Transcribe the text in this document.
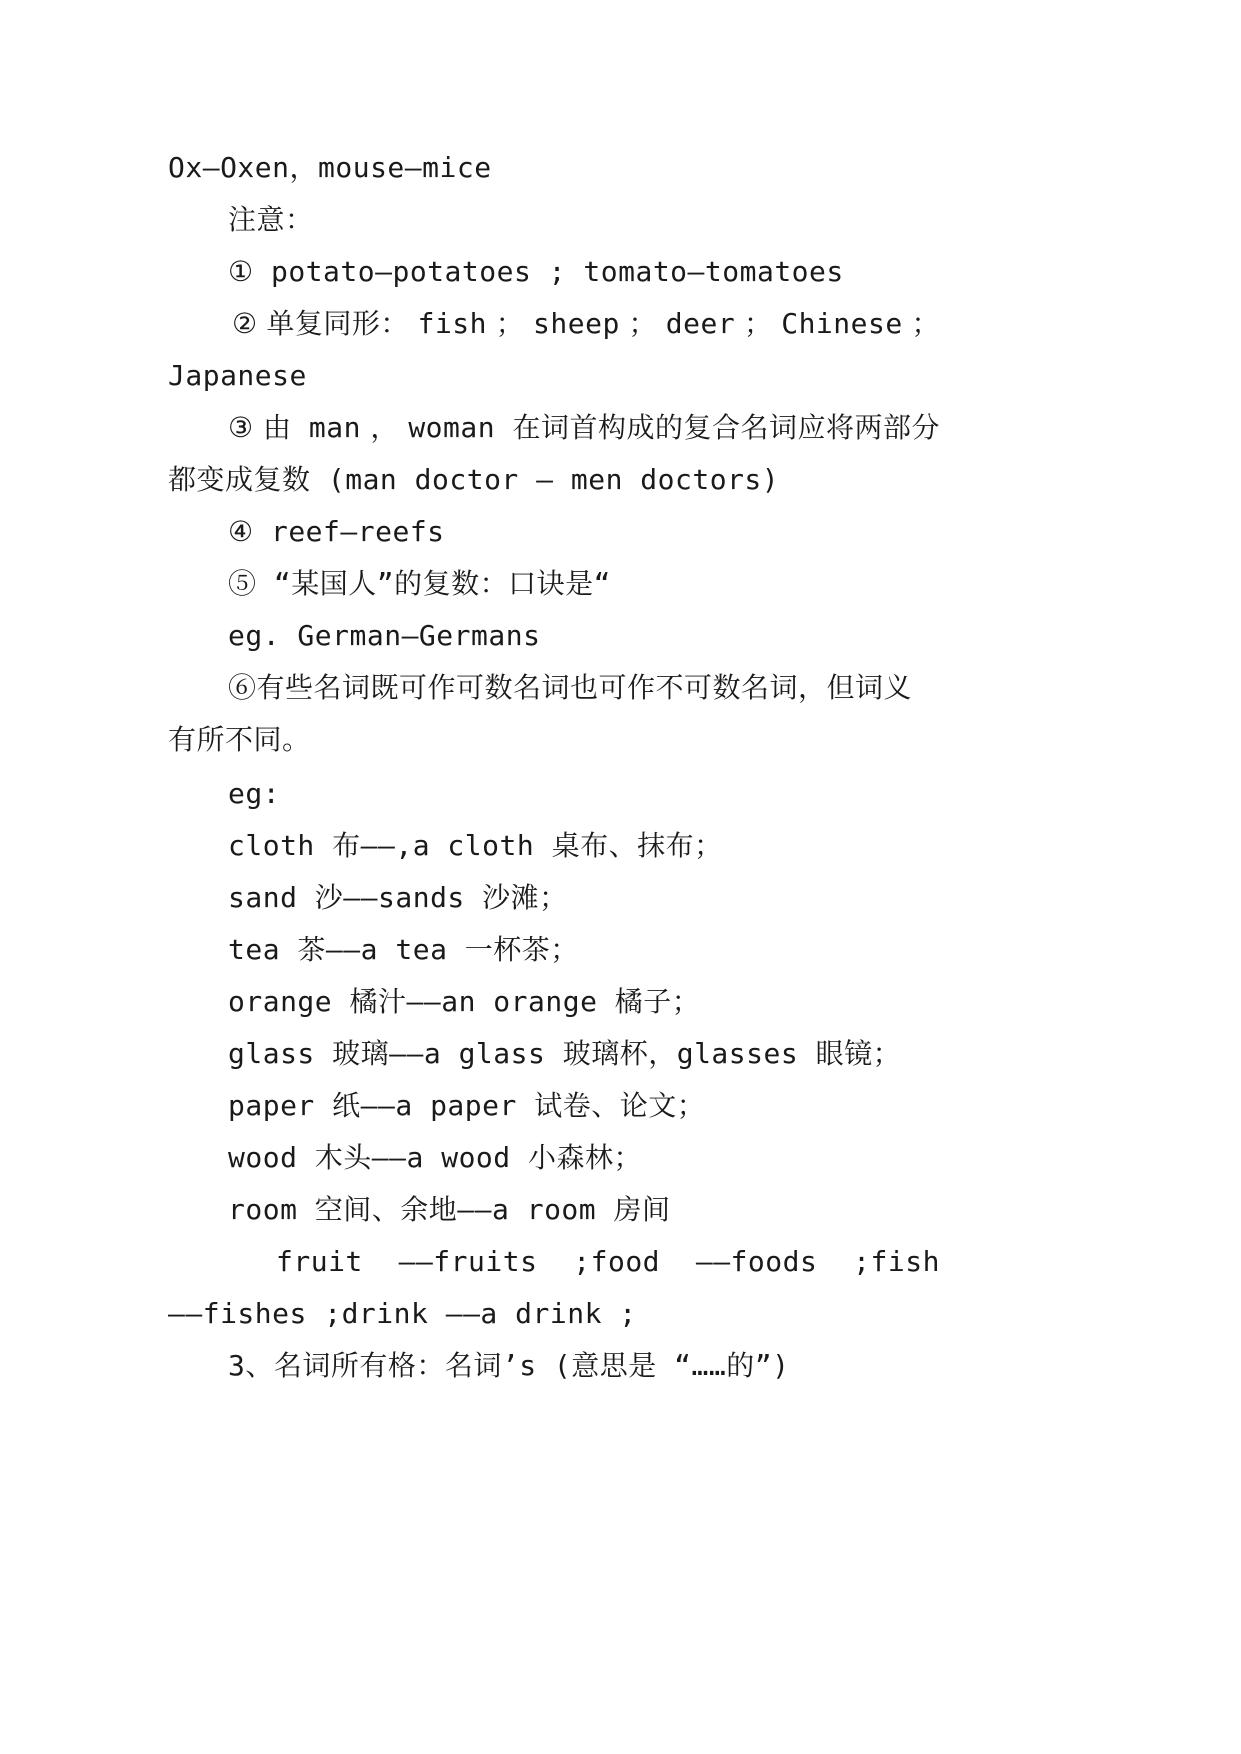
Ox—Oxen，mouse—mice
注意：
① potato—potatoes ; tomato—tomatoes
② 单复同形： fish ； sheep ； deer ； Chinese ；
Japanese
③ 由 man ， woman 在词首构成的复合名词应将两部分
都变成复数 (man doctor — men doctors)
④ reef—reefs
⑤ “某国人”的复数：口诀是“
eg. German—Germans
⑥有些名词既可作可数名词也可作不可数名词，但词义
有所不同。
eg:
cloth 布——,a cloth 桌布、抹布；
sand 沙——sands 沙滩；
tea 茶——a tea 一杯茶；
orange 橘汁——an orange 橘子；
glass 玻璃——a glass 玻璃杯，glasses 眼镜；
paper 纸——a paper 试卷、论文；
wood 木头——a wood 小森林；
room 空间、余地——a room 房间
fruit ——fruits ;food ——foods ;fish
——fishes ;drink ——a drink ;
3、名词所有格：名词’s (意思是 “……的”)
